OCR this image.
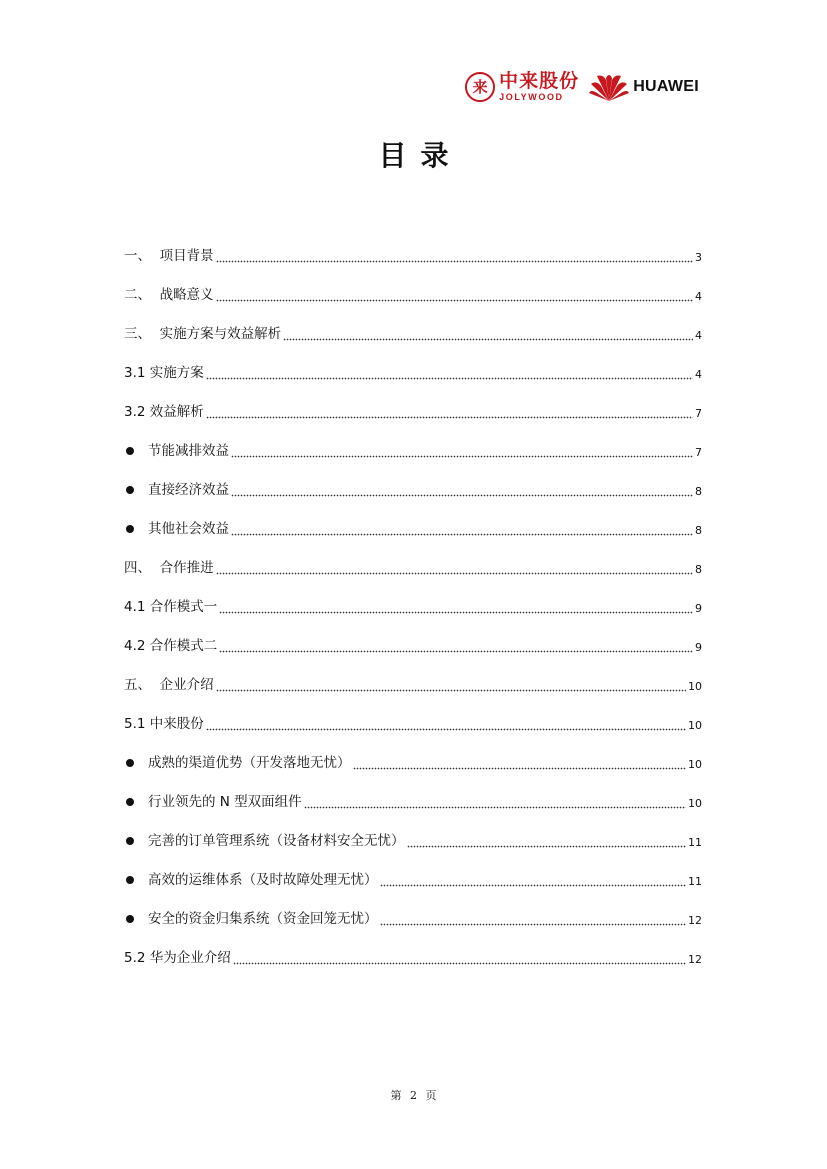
来 中来股份
JOLYWOOD
HUAWEI
目录
一、  项目背景	3
二、  战略意义	4
三、  实施方案与效益解析	4
3.1 实施方案	4
3.2 效益解析	7
节能减排效益	7
直接经济效益	8
其他社会效益	8
四、  合作推进	8
4.1 合作模式一	9
4.2 合作模式二	9
五、  企业介绍	10
5.1 中来股份	10
成熟的渠道优势（开发落地无忧）	10
行业领先的 N 型双面组件	10
完善的订单管理系统（设备材料安全无忧）	11
高效的运维体系（及时故障处理无忧）	11
安全的资金归集系统（资金回笼无忧）	12
5.2 华为企业介绍	12
第 2 页
